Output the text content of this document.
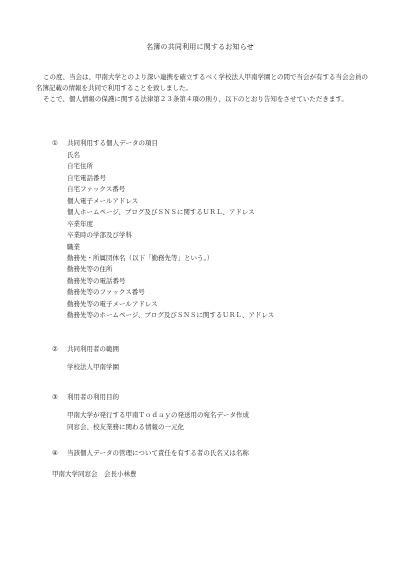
名簿の共同利用に関するお知らせ

この度、当会は、甲南大学とのより深い連携を確立するべく学校法人甲南学園との間で当会が有する当会会員の名簿記載の情報を共同で利用することを致しました。

そこで、個人情報の保護に関する法律第２３条第４項の則り、以下のとおり告知をさせていただきます。

①	共同利用する個人データの項目
氏名
自宅住所
自宅電話番号
自宅ファックス番号
個人電子メールアドレス
個人ホームページ、ブログ及びＳＮＳに関するＵＲＬ、アドレス
卒業年度
卒業時の学部及び学科
職業
勤務先・所属団体名（以下「勤務先等」という。）
勤務先等の住所
勤務先等の電話番号
勤務先等のファックス番号
勤務先等の電子メールアドレス
勤務先等のホームページ、ブログ及びＳＮＳに関するＵＲＬ、アドレス
②	共同利用者の範囲
学校法人甲南学園
③	利用者の利用目的
甲南大学が発行する甲南Ｔｏｄａｙの発送用の宛名データ作成
同窓会、校友業務に関わる情報の一元化
④	当該個人データの管理について責任を有する者の氏名又は名称
甲南大学同窓会　会長小林豊
